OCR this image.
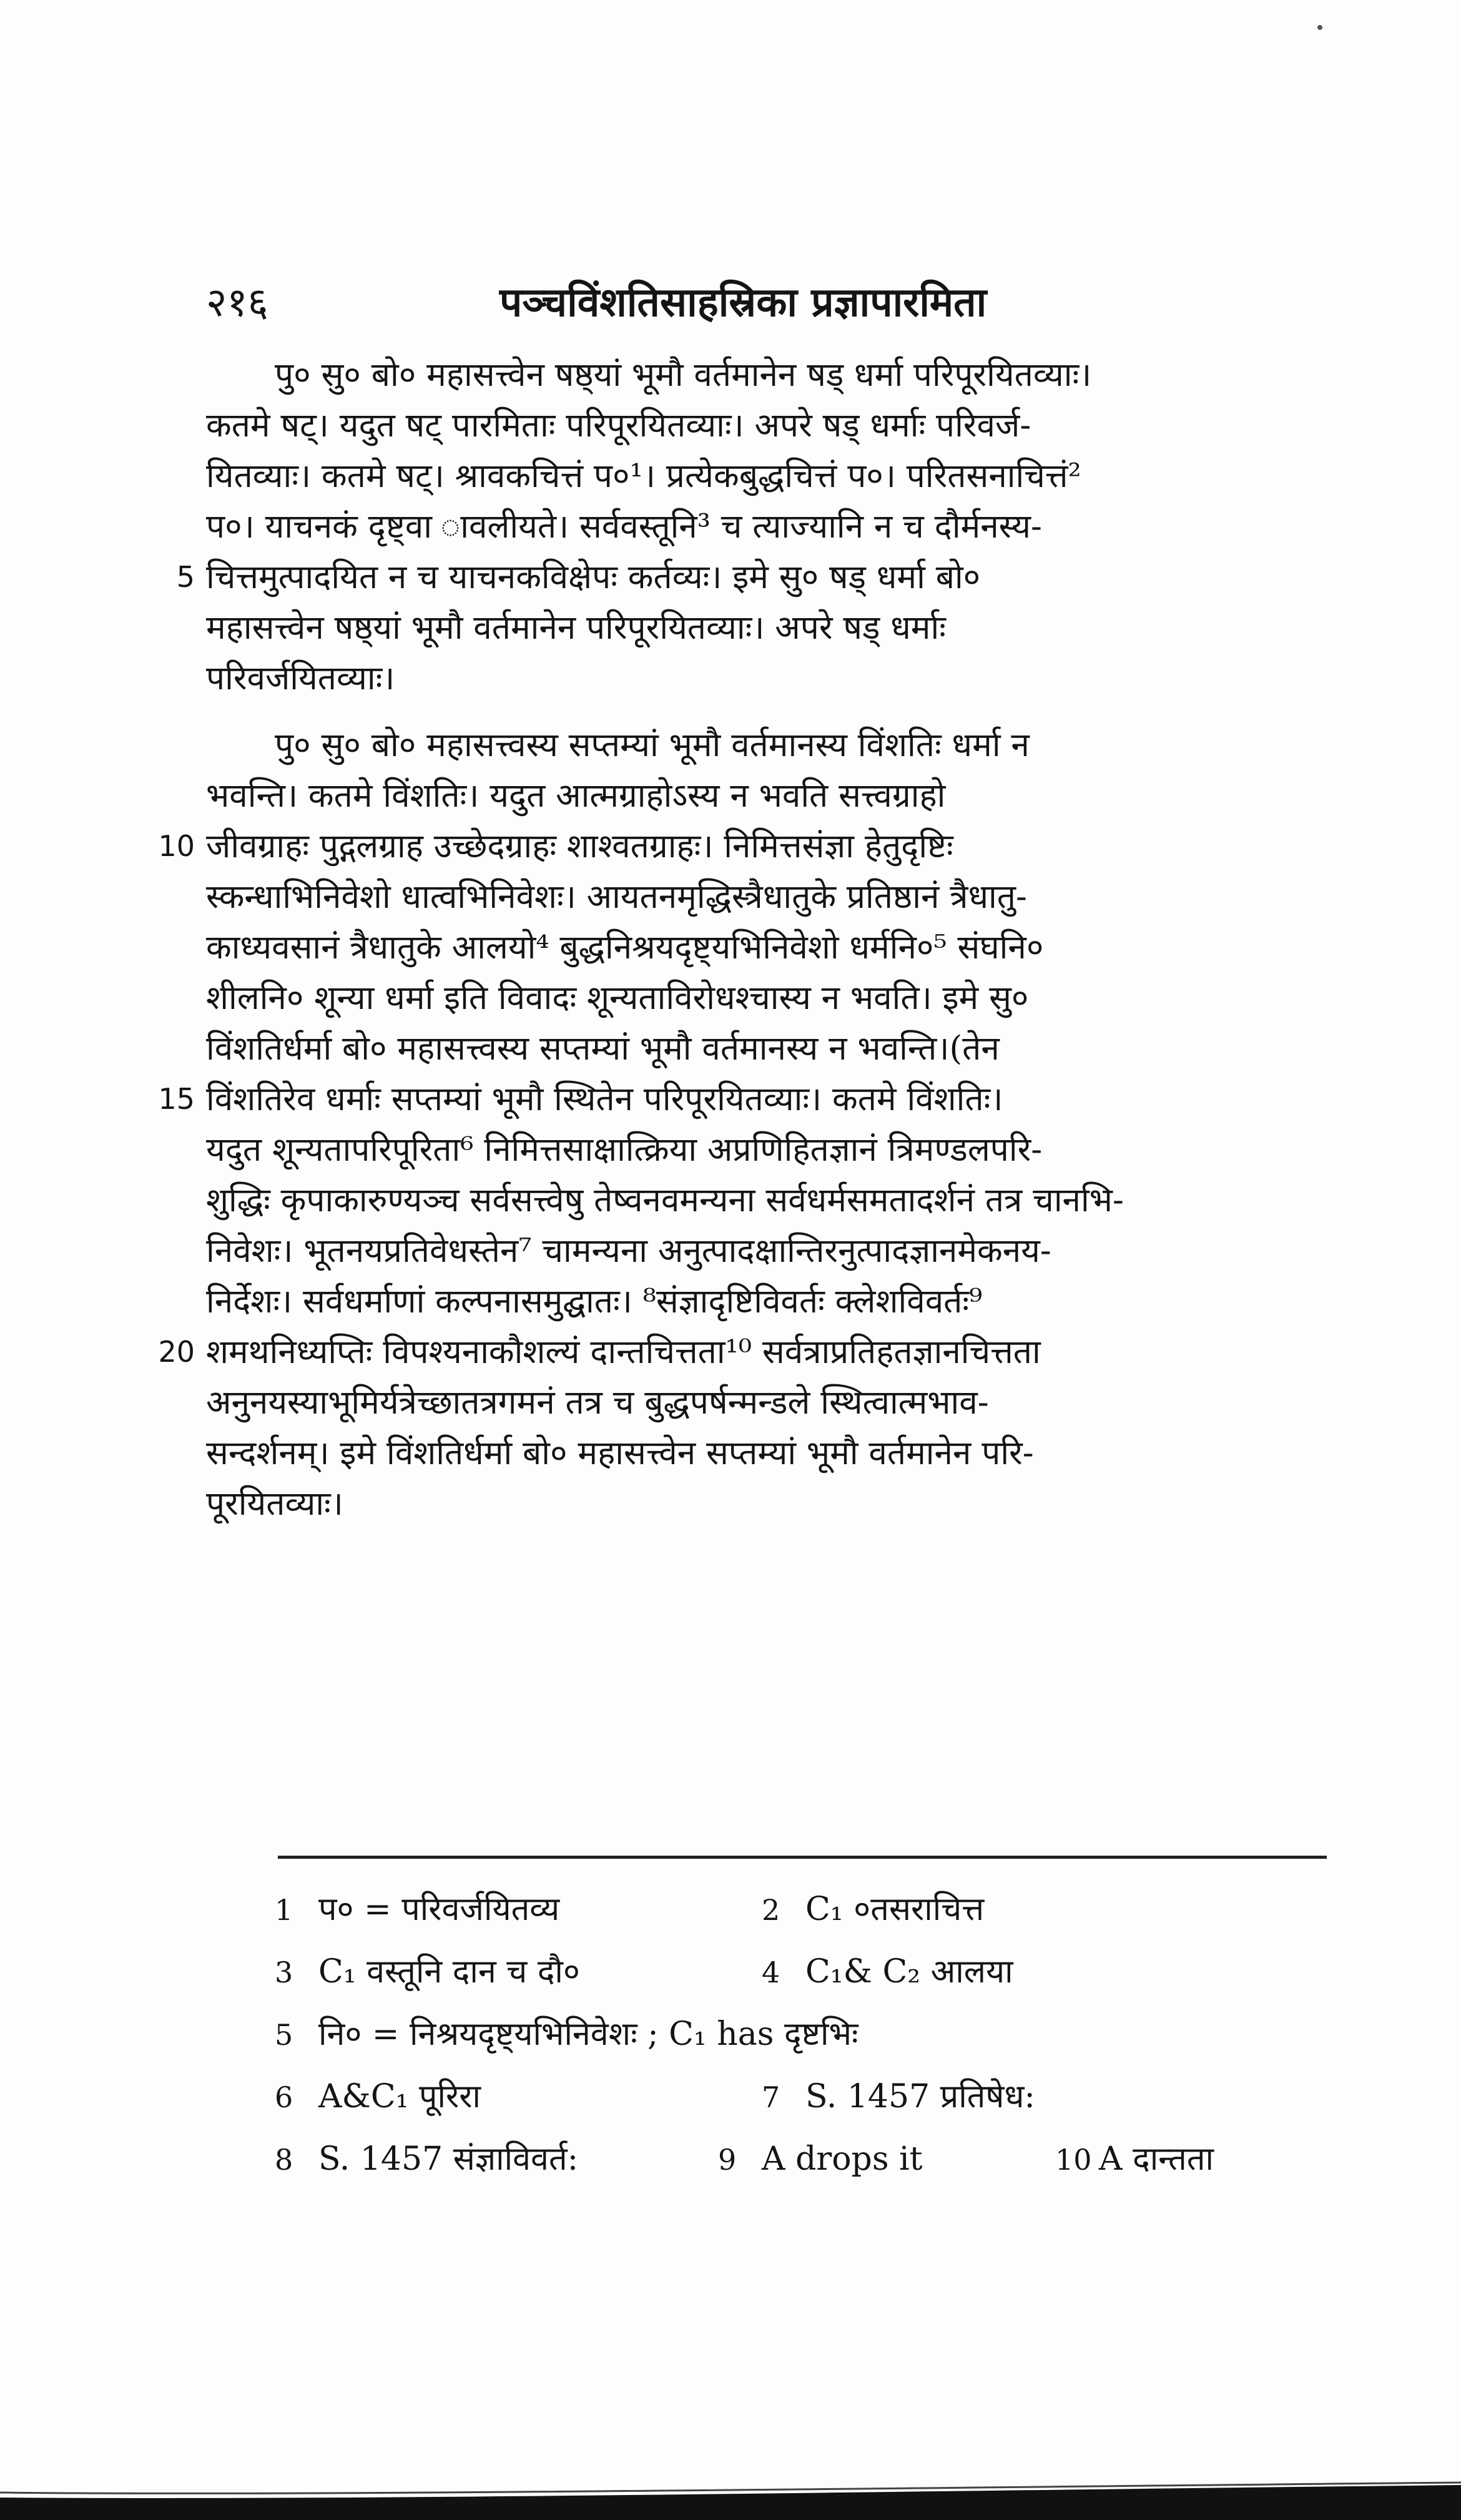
२१६	पञ्चविंशतिसाहस्रिका प्रज्ञापारमिता
पु० सु० बो० महासत्त्वेन षष्ठ्यां भूमौ वर्तमानेन षड् धर्मा परिपूरयितव्याः।
कतमे षट्। यदुत षट् पारमिताः परिपूरयितव्याः। अपरे षड् धर्माः परिवर्ज-
यितव्याः। कतमे षट्। श्रावकचित्तं प०¹। प्रत्येकबुद्धचित्तं प०। परितसनाचित्तं²
प०। याचनकं दृष्ट्वा ावलीयते। सर्ववस्तूनि³ च त्याज्यानि न च दौर्मनस्य-
5 चित्तमुत्पादयित न च याचनकविक्षेपः कर्तव्यः। इमे सु० षड् धर्मा बो०
महासत्त्वेन षष्ठ्यां भूमौ वर्तमानेन परिपूरयितव्याः। अपरे षड् धर्माः
परिवर्जयितव्याः।
पु० सु० बो० महासत्त्वस्य सप्तम्यां भूमौ वर्तमानस्य विंशतिः धर्मा न
भवन्ति। कतमे विंशतिः। यदुत आत्मग्राहोऽस्य न भवति सत्त्वग्राहो
10 जीवग्राहः पुद्गलग्राह उच्छेदग्राहः शाश्वतग्राहः। निमित्तसंज्ञा हेतुदृष्टिः
स्कन्धाभिनिवेशो धात्वभिनिवेशः। आयतनमृद्धिस्त्रैधातुके प्रतिष्ठानं त्रैधातु-
काध्यवसानं त्रैधातुके आलयो⁴ बुद्धनिश्रयदृष्ट्यभिनिवेशो धर्मनि०⁵ संघनि०
शीलनि० शून्या धर्मा इति विवादः शून्यताविरोधश्चास्य न भवति। इमे सु०
विंशतिर्धर्मा बो० महासत्त्वस्य सप्तम्यां भूमौ वर्तमानस्य न भवन्ति।(तेन
15 विंशतिरेव धर्माः सप्तम्यां भूमौ स्थितेन परिपूरयितव्याः। कतमे विंशतिः।
यदुत शून्यतापरिपूरिता⁶ निमित्तसाक्षात्क्रिया अप्रणिहितज्ञानं त्रिमण्डलपरि-
शुद्धिः कृपाकारुण्यञ्च सर्वसत्त्वेषु तेष्वनवमन्यना सर्वधर्मसमतादर्शनं तत्र चानभि-
निवेशः। भूतनयप्रतिवेधस्तेन⁷ चामन्यना अनुत्पादक्षान्तिरनुत्पादज्ञानमेकनय-
निर्देशः। सर्वधर्माणां कल्पनासमुद्घातः। ⁸संज्ञादृष्टिविवर्तः क्लेशविवर्तः⁹
20 शमथनिध्यप्तिः विपश्यनाकौशल्यं दान्तचित्तता¹⁰ सर्वत्राप्रतिहतज्ञानचित्तता
अनुनयस्याभूमिर्यत्रेच्छातत्रगमनं तत्र च बुद्धपर्षन्मन्डले स्थित्वात्मभाव-
सन्दर्शनम्। इमे विंशतिर्धर्मा बो० महासत्त्वेन सप्तम्यां भूमौ वर्तमानेन परि-
पूरयितव्याः।
1 प० = परिवर्जयितव्य	2 C₁ ०तसराचित्त
3 C₁ वस्तूनि दान च दौ०	4 C₁& C₂ आलया
5 नि० = निश्रयदृष्ट्यभिनिवेशः ; C₁ has दृष्टभिः
6 A&C₁ पूरिरा	7 S. 1457 प्रतिषेध:
8 S. 1457 संज्ञाविवर्त:	9 A drops it	10 A दान्तता
